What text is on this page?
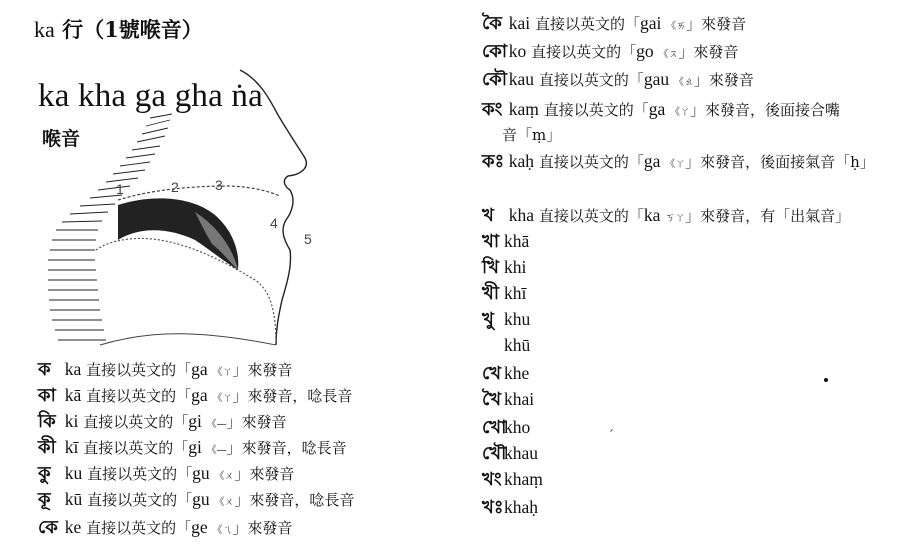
ka 行（1號喉音）
1	2	3
4
5
ka kha ga gha ṅa
喉音
ক ka 直接以英文的「ga 《ㄚ」來發音
কা kā 直接以英文的「ga 《ㄚ」來發音，唸長音
কি ki 直接以英文的「gi 《—」來發音
কী kī 直接以英文的「gi 《—」來發音，唸長音
কু ku 直接以英文的「gu 《ㄨ」來發音
কূ kū 直接以英文的「gu 《ㄨ」來發音，唸長音
কে ke 直接以英文的「ge 《ㄟ」來發音
কৈ kai 直接以英文的「gai 《ㄞ」來發音
কো ko 直接以英文的「go 《ㄡ」來發音
কৌ kau 直接以英文的「gau 《ㄠ」來發音
কং kaṃ 直接以英文的「ga 《ㄚ」來發音，後面接合嘴
音「ṃ」
কঃ kaḥ 直接以英文的「ga 《ㄚ」來發音，後面接氣音「ḥ」
খ kha 直接以英文的「ka ㄎㄚ」來發音，有「出氣音」
খা khā
খি khi
খী khī
খু khu
khū
খে khe
খৈ khai
খোkho
খৌkhau
খং khaṃ
খঃkhaḥ
